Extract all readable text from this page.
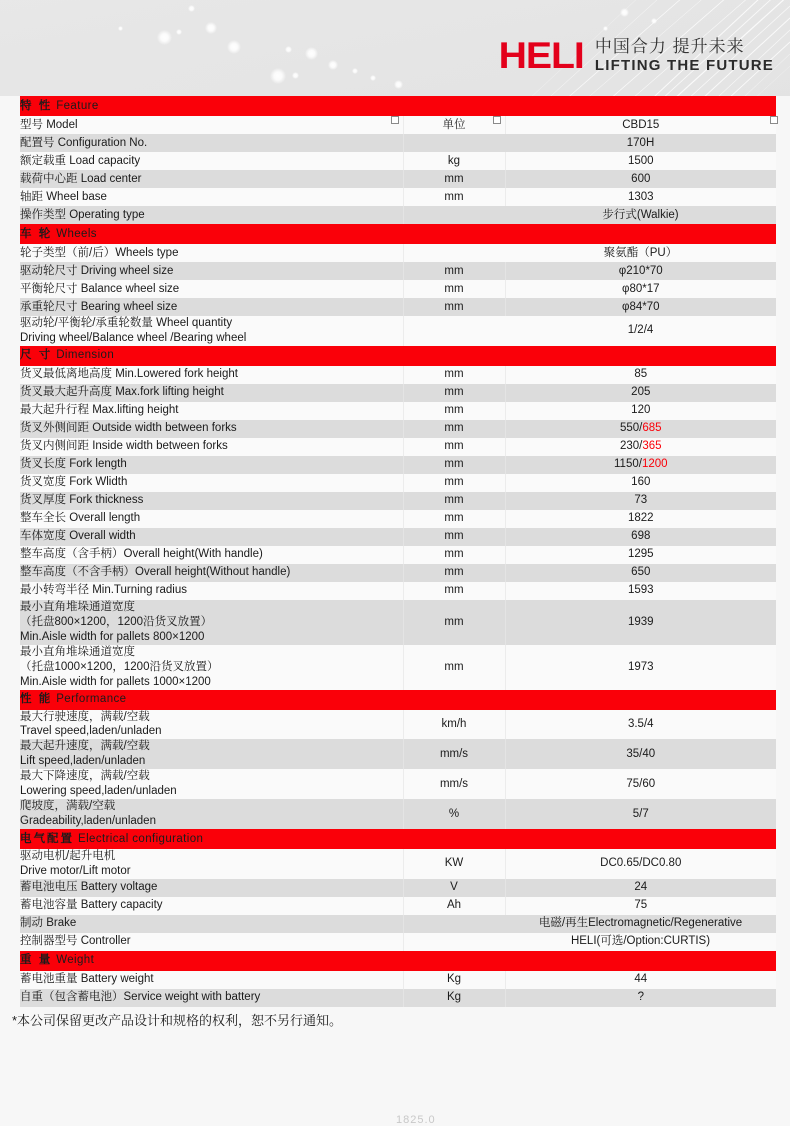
HELI 中国合力 提升未来
LIFTING THE FUTURE
特 性 Feature		
型号 Model	单位	CBD15
配置号 Configuration No.		170H
额定载重 Load capacity	kg	1500
载荷中心距 Load center	mm	600
轴距 Wheel base	mm	1303
操作类型 Operating type		步行式(Walkie)
车 轮 Wheels		
轮子类型（前/后）Wheels type		聚氨酯（PU）
驱动轮尺寸 Driving wheel size	mm	φ210*70
平衡轮尺寸 Balance wheel size	mm	φ80*17
承重轮尺寸 Bearing wheel size	mm	φ84*70
驱动轮/平衡轮/承重轮数量 Wheel quantity
Driving wheel/Balance wheel /Bearing wheel		1/2/4
尺 寸 Dimension		
货叉最低离地高度 Min.Lowered fork height	mm	85
货叉最大起升高度 Max.fork lifting height	mm	205
最大起升行程 Max.lifting height	mm	120
货叉外侧间距 Outside width between forks	mm	550/685
货叉内侧间距 Inside width between forks	mm	230/365
货叉长度 Fork length	mm	1150/1200
货叉宽度 Fork Wlidth	mm	160
货叉厚度 Fork thickness	mm	73
整车全长 Overall length	mm	1822
车体宽度 Overall width	mm	698
整车高度（含手柄）Overall height(With handle)	mm	1295
整车高度（不含手柄）Overall height(Without handle)	mm	650
最小转弯半径 Min.Turning radius	mm	1593
最小直角堆垛通道宽度
（托盘800×1200，1200沿货叉放置）
Min.Aisle width for pallets 800×1200	mm	1939
最小直角堆垛通道宽度
（托盘1000×1200，1200沿货叉放置）
Min.Aisle width for pallets 1000×1200	mm	1973
性 能 Performance		
最大行驶速度，满载/空载
Travel speed,laden/unladen	km/h	3.5/4
最大起升速度，满载/空载
Lift speed,laden/unladen	mm/s	35/40
最大下降速度，满载/空载
Lowering speed,laden/unladen	mm/s	75/60
爬坡度，满载/空载
Gradeability,laden/unladen	%	5/7
电气配置 Electrical configuration		
驱动电机/起升电机
Drive motor/Lift motor	KW	DC0.65/DC0.80
蓄电池电压 Battery voltage	V	24
蓄电池容量 Battery capacity	Ah	75
制动 Brake		电磁/再生Electromagnetic/Regenerative
控制器型号 Controller		HELI(可选/Option:CURTIS)
重 量 Weight		
蓄电池重量 Battery weight	Kg	44
自重（包含蓄电池）Service weight with battery	Kg	?
1825.0
*本公司保留更改产品设计和规格的权利，恕不另行通知。
